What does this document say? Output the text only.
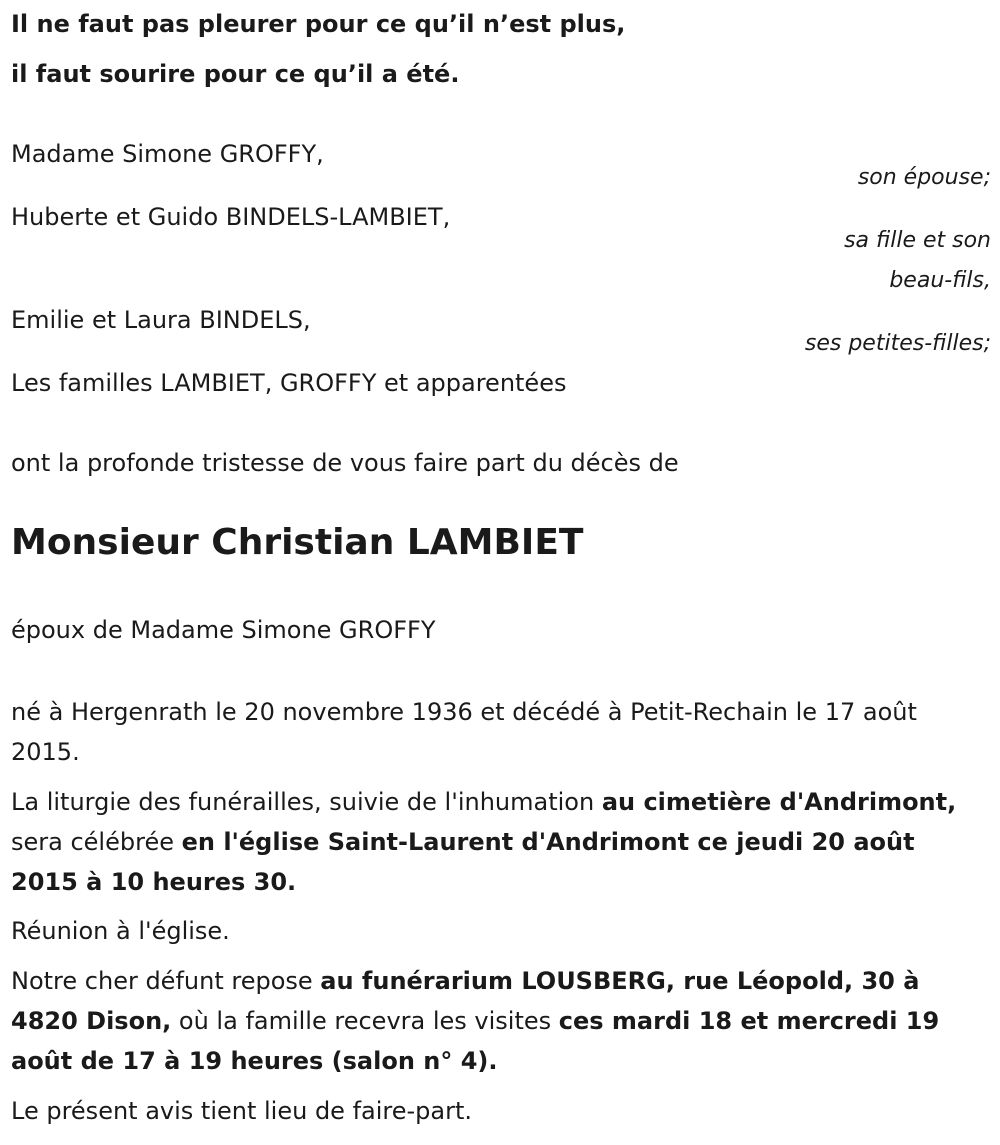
Il ne faut pas pleurer pour ce qu’il n’est plus,
il faut sourire pour ce qu’il a été.
Madame Simone GROFFY,
son épouse;
Huberte et Guido BINDELS-LAMBIET,
sa fille et son
beau-fils,
Emilie et Laura BINDELS,
ses petites-filles;
Les familles LAMBIET, GROFFY et apparentées
ont la profonde tristesse de vous faire part du décès de
Monsieur Christian LAMBIET
époux de Madame Simone GROFFY
né à Hergenrath le 20 novembre 1936 et décédé à Petit-Rechain le 17 août 2015.
La liturgie des funérailles, suivie de l'inhumation au cimetière d'Andrimont, sera célébrée en l'église Saint-Laurent d'Andrimont ce jeudi 20 août 2015 à 10 heures 30.
Réunion à l'église.
Notre cher défunt repose au funérarium LOUSBERG, rue Léopold, 30 à 4820 Dison, où la famille recevra les visites ces mardi 18 et mercredi 19 août de 17 à 19 heures (salon n° 4).
Le présent avis tient lieu de faire-part.
